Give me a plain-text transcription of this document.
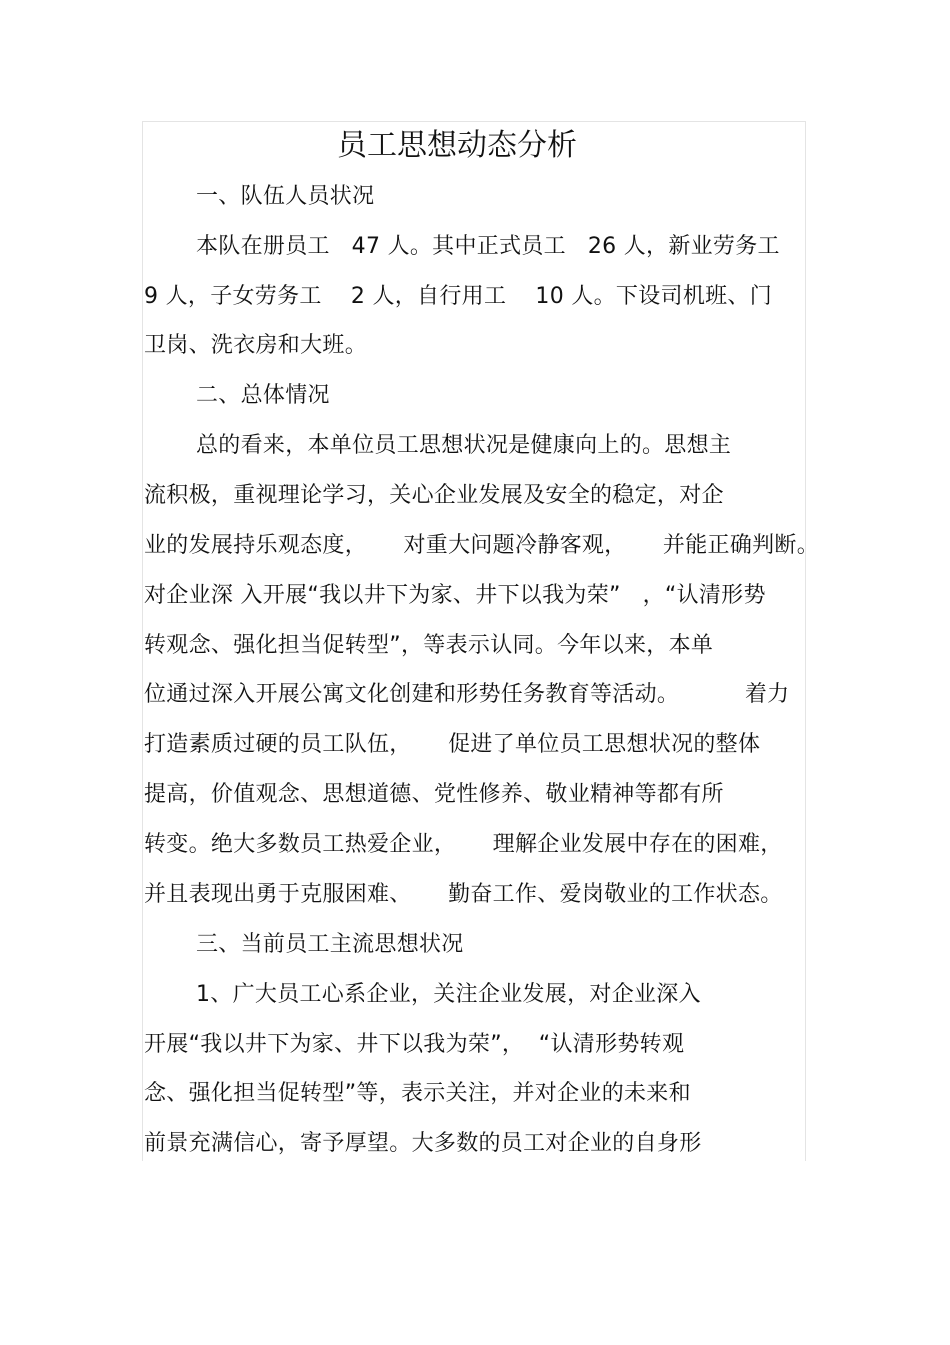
员工思想动态分析
一、队伍人员状况
本队在册员工   47 人。其中正式员工   26 人，新业劳务工
9 人，子女劳务工    2 人，自行用工    10 人。下设司机班、门
卫岗、洗衣房和大班。
二、总体情况
总的看来，本单位员工思想状况是健康向上的。思想主
流积极，重视理论学习，关心企业发展及安全的稳定，对企
业的发展持乐观态度，     对重大问题冷静客观，     并能正确判断。
对企业深 入开展“我以井下为家、井下以我为荣”   ，“认清形势
转观念、强化担当促转型”，等表示认同。今年以来，本单
位通过深入开展公寓文化创建和形势任务教育等活动。         着力
打造素质过硬的员工队伍，     促进了单位员工思想状况的整体
提高，价值观念、思想道德、党性修养、敬业精神等都有所
转变。绝大多数员工热爱企业，     理解企业发展中存在的困难，
并且表现出勇于克服困难、     勤奋工作、爱岗敬业的工作状态。
三、当前员工主流思想状况
1、广大员工心系企业，关注企业发展，对企业深入
开展“我以井下为家、井下以我为荣”，  “认清形势转观
念、强化担当促转型”等，表示关注，并对企业的未来和
前景充满信心，寄予厚望。大多数的员工对企业的自身形
